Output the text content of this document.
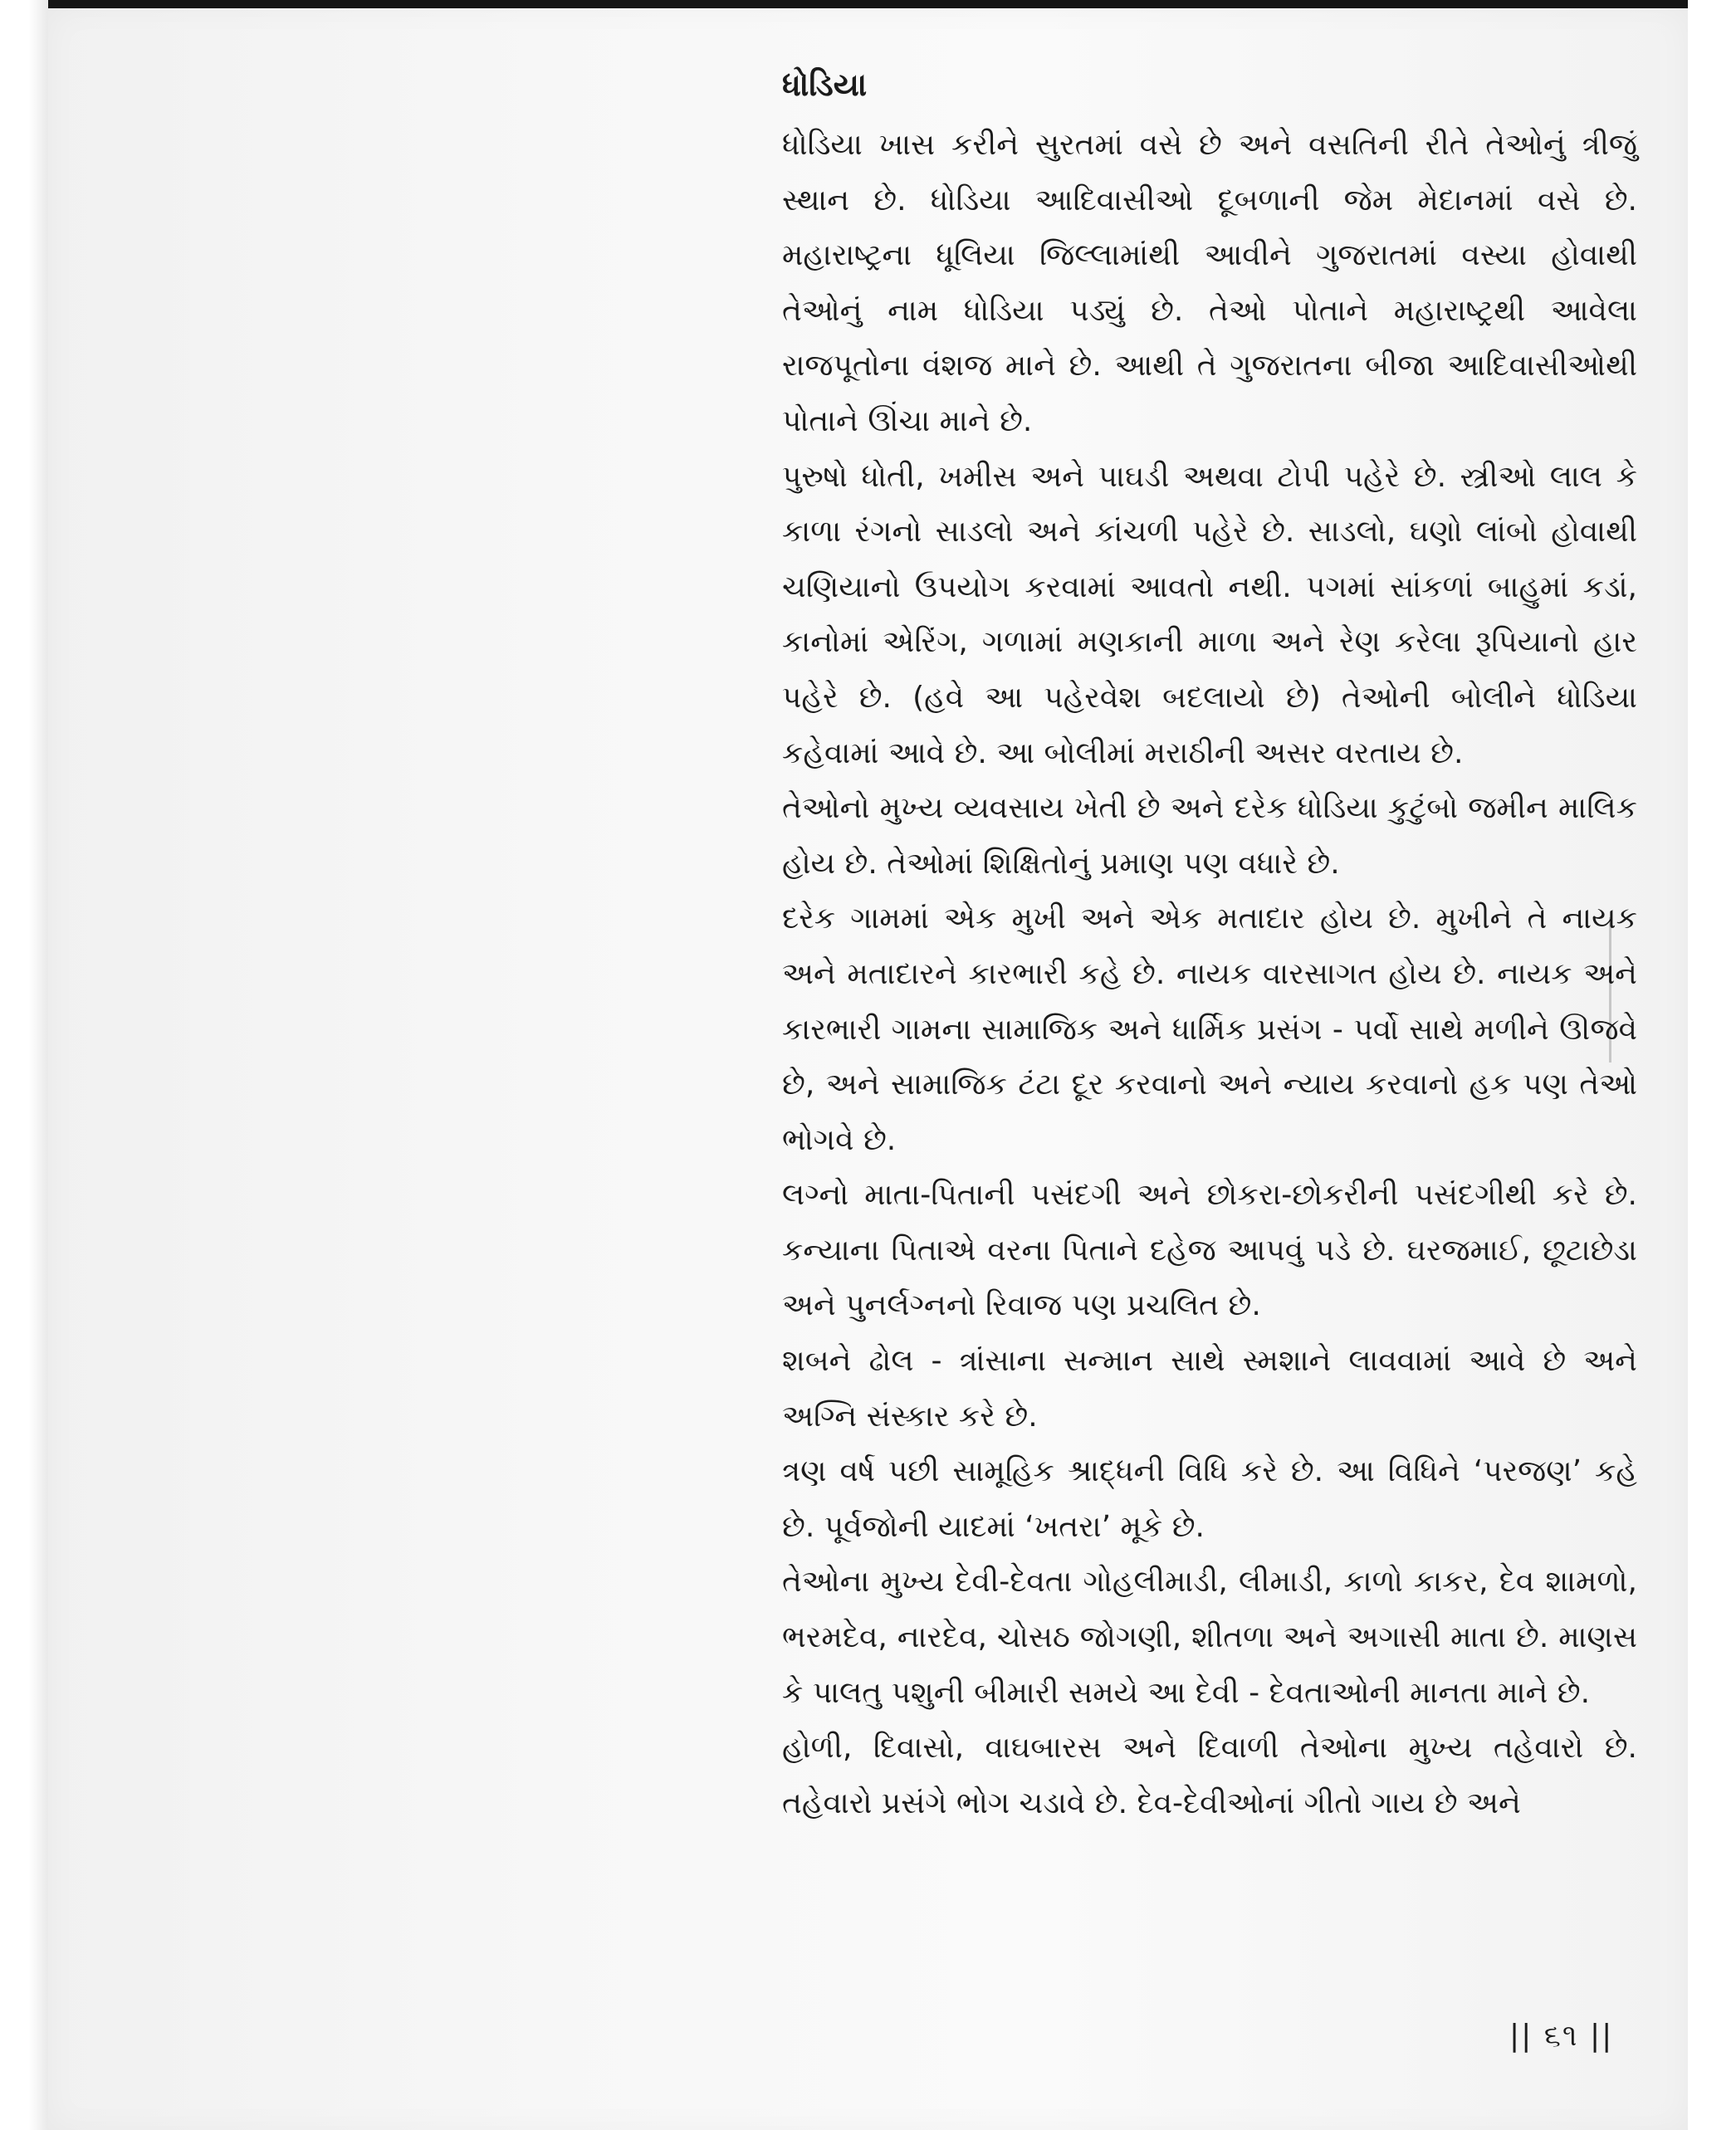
ધોડિયા

ધોડિયા ખાસ કરીને સુરતમાં વસે છે અને વસતિની રીતે તેઓનું ત્રીજું સ્થાન છે. ધોડિયા આદિવાસીઓ દૂબળાની જેમ મેદાનમાં વસે છે. મહારાષ્ટ્રના ધૂલિયા જિલ્લામાંથી આવીને ગુજરાતમાં વસ્યા હોવાથી તેઓનું નામ ધોડિયા પડ્યું છે. તેઓ પોતાને મહારાષ્ટ્રથી આવેલા રાજપૂતોના વંશજ માને છે. આથી તે ગુજરાતના બીજા આદિવાસીઓથી પોતાને ઊંચા માને છે.

પુરુષો ધોતી, ખમીસ અને પાઘડી અથવા ટોપી પહેરે છે. સ્ત્રીઓ લાલ કે કાળા રંગનો સાડલો અને કાંચળી પહેરે છે. સાડલો, ઘણો લાંબો હોવાથી ચણિયાનો ઉપયોગ કરવામાં આવતો નથી. પગમાં સાંકળાં બાહુમાં કડાં, કાનોમાં એરિંગ, ગળામાં મણકાની માળા અને રેણ કરેલા રૂપિયાનો હાર પહેરે છે. (હવે આ પહેરવેશ બદલાયો છે) તેઓની બોલીને ધોડિયા કહેવામાં આવે છે. આ બોલીમાં મરાઠીની અસર વરતાય છે.

તેઓનો મુખ્ય વ્યવસાય ખેતી છે અને દરેક ધોડિયા કુટુંબો જમીન માલિક હોય છે. તેઓમાં શિક્ષિતોનું પ્રમાણ પણ વધારે છે.

દરેક ગામમાં એક મુખી અને એક મતાદાર હોય છે. મુખીને તે નાયક અને મતાદારને કારભારી કહે છે. નાયક વારસાગત હોય છે. નાયક અને કારભારી ગામના સામાજિક અને ધાર્મિક પ્રસંગ - પર્વો સાથે મળીને ઊજવે છે, અને સામાજિક ટંટા દૂર કરવાનો અને ન્યાય કરવાનો હક પણ તેઓ ભોગવે છે.

લગ્નો માતા-પિતાની પસંદગી અને છોકરા-છોકરીની પસંદગીથી કરે છે. કન્યાના પિતાએ વરના પિતાને દહેજ આપવું પડે છે. ઘરજમાઈ, છૂટાછેડા અને પુનર્લગ્નનો રિવાજ પણ પ્રચલિત છે.

શબને ઢોલ - ત્રાંસાના સન્માન સાથે સ્મશાને લાવવામાં આવે છે અને અગ્નિ સંસ્કાર કરે છે.

ત્રણ વર્ષ પછી સામૂહિક શ્રાદ્ધની વિધિ કરે છે. આ વિધિને ‘પરજણ’ કહે છે. પૂર્વજોની યાદમાં ‘ખતરા’ મૂકે છે.

તેઓના મુખ્ય દેવી-દેવતા ગોહલીમાડી, લીમાડી, કાળો કાકર, દેવ શામળો, ભરમદેવ, નારદેવ, ચોસઠ જોગણી, શીતળા અને અગાસી માતા છે. માણસ કે પાલતુ પશુની બીમારી સમયે આ દેવી - દેવતાઓની માનતા માને છે.

હોળી, દિવાસો, વાઘબારસ અને દિવાળી તેઓના મુખ્ય તહેવારો છે. તહેવારો પ્રસંગે ભોગ ચડાવે છે. દેવ-દેવીઓનાં ગીતો ગાય છે અને

|| ૬૧ ||
